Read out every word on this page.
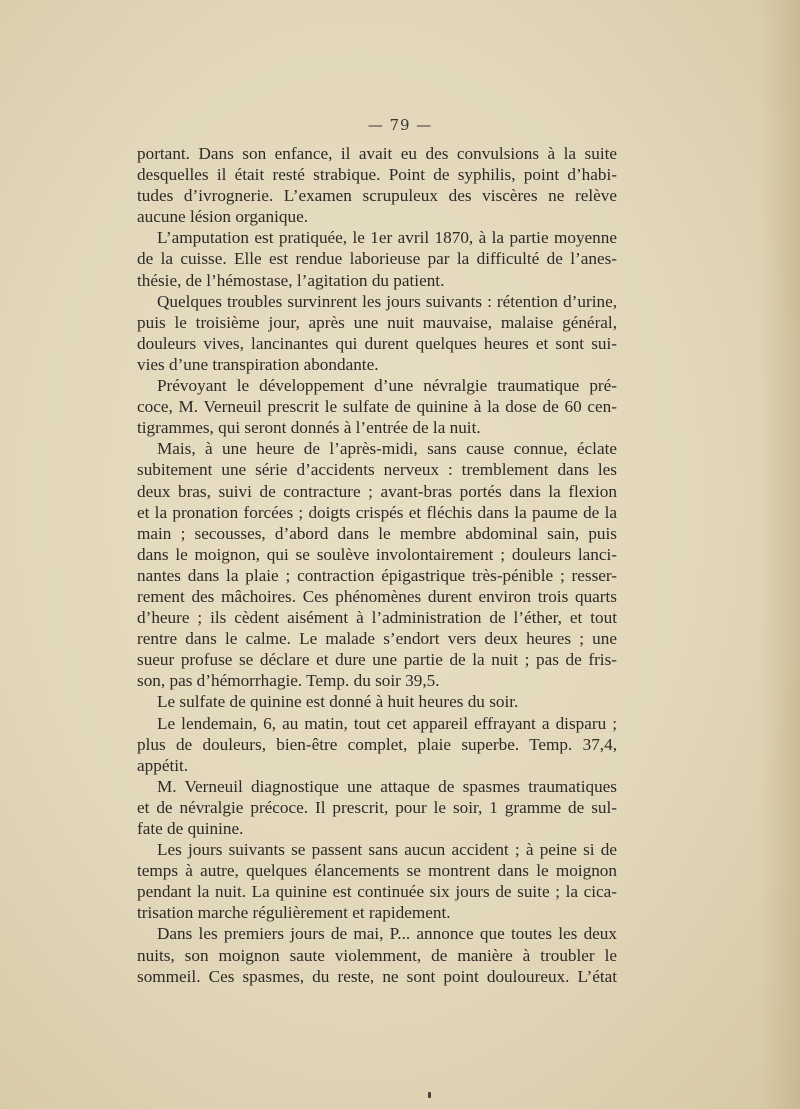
— 79 —

portant. Dans son enfance, il avait eu des convulsions à la suite

desquelles il était resté strabique. Point de syphilis, point d’habi-

tudes d’ivrognerie. L’examen scrupuleux des viscères ne relève

aucune lésion organique.

L’amputation est pratiquée, le 1er avril 1870, à la partie moyenne

de la cuisse. Elle est rendue laborieuse par la difficulté de l’anes-

thésie, de l’hémostase, l’agitation du patient.

Quelques troubles survinrent les jours suivants : rétention d’urine,

puis le troisième jour, après une nuit mauvaise, malaise général,

douleurs vives, lancinantes qui durent quelques heures et sont sui-

vies d’une transpiration abondante.

Prévoyant le développement d’une névralgie traumatique pré-

coce, M. Verneuil prescrit le sulfate de quinine à la dose de 60 cen-

tigrammes, qui seront donnés à l’entrée de la nuit.

Mais, à une heure de l’après-midi, sans cause connue, éclate

subitement une série d’accidents nerveux : tremblement dans les

deux bras, suivi de contracture ; avant-bras portés dans la flexion

et la pronation forcées ; doigts crispés et fléchis dans la paume de la

main ; secousses, d’abord dans le membre abdominal sain, puis

dans le moignon, qui se soulève involontairement ; douleurs lanci-

nantes dans la plaie ; contraction épigastrique très-pénible ; resser-

rement des mâchoires. Ces phénomènes durent environ trois quarts

d’heure ; ils cèdent aisément à l’administration de l’éther, et tout

rentre dans le calme. Le malade s’endort vers deux heures ; une

sueur profuse se déclare et dure une partie de la nuit ; pas de fris-

son, pas d’hémorrhagie. Temp. du soir 39,5.

Le sulfate de quinine est donné à huit heures du soir.

Le lendemain, 6, au matin, tout cet appareil effrayant a disparu ;

plus de douleurs, bien-être complet, plaie superbe. Temp. 37,4,

appétit.

M. Verneuil diagnostique une attaque de spasmes traumatiques

et de névralgie précoce. Il prescrit, pour le soir, 1 gramme de sul-

fate de quinine.

Les jours suivants se passent sans aucun accident ; à peine si de

temps à autre, quelques élancements se montrent dans le moignon

pendant la nuit. La quinine est continuée six jours de suite ; la cica-

trisation marche régulièrement et rapidement.

Dans les premiers jours de mai, P... annonce que toutes les deux

nuits, son moignon saute violemment, de manière à troubler le

sommeil. Ces spasmes, du reste, ne sont point douloureux. L’état
